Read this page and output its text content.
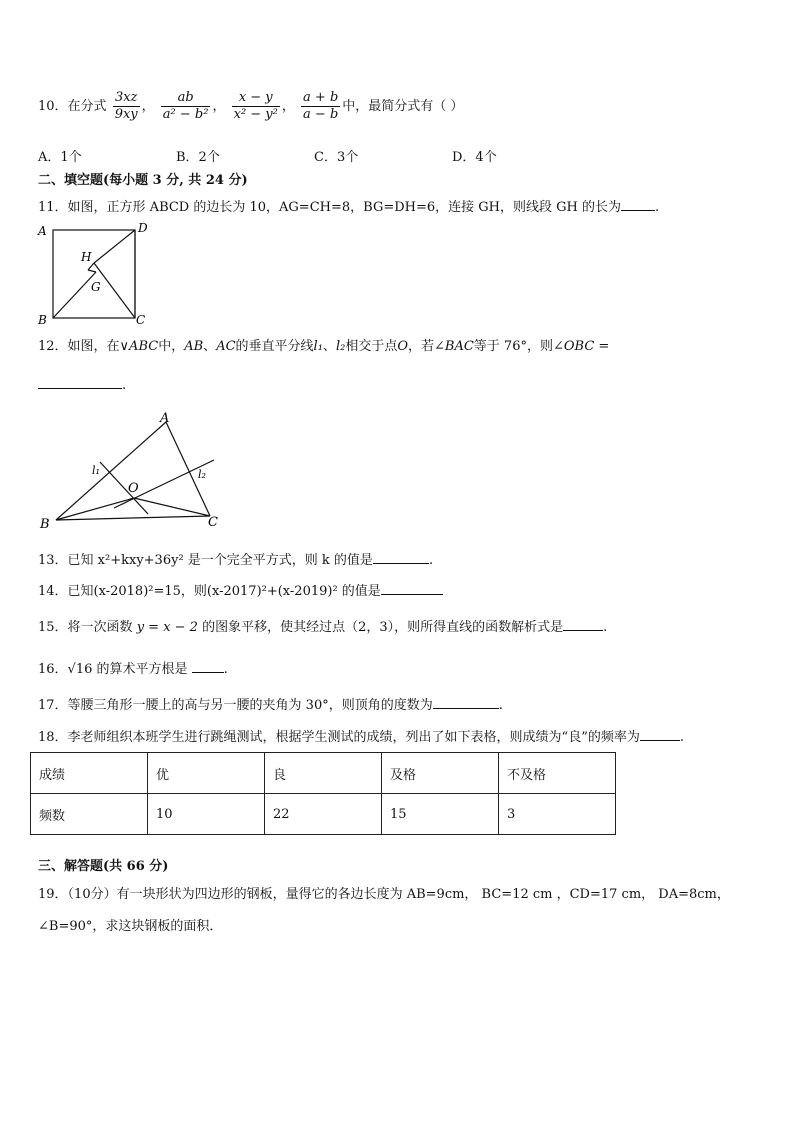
10．在分式 $\frac{3xz}{9xy}$ ， $\frac{ab}{\text{a² − b²}}$ ， $\frac{x - y}{\text{x² − y²}}$ ， $\frac{a + b}{a - b}$ 中，最简分式有（ ）
A．1个	B．2个	C．3个	D．4个
二、填空题(每小题 3 分, 共 24 分)
11．如图，正方形 ABCD 的边长为 10，AG=CH=8，BG=DH=6，连接 GH，则线段 GH 的长为	.
A	D
B	C
H
G
12．如图，在∨ABC中，AB、AC的垂直平分线l₁、l₂相交于点O，若∠BAC等于 76°，则∠OBC =
.
A
B	C
O
l₁	l₂
13．已知 x²+kxy+36y² 是一个完全平方式，则 k 的值是	.
14．已知(x-2018)²=15，则(x-2017)²+(x-2019)² 的值是
15．将一次函数 y = x − 2 的图象平移，使其经过点（2，3），则所得直线的函数解析式是	.
16．√16 的算术平方根是 .
17．等腰三角形一腰上的高与另一腰的夹角为 30°，则顶角的度数为	.
18．李老师组织本班学生进行跳绳测试，根据学生测试的成绩，列出了如下表格，则成绩为“良”的频率为	.
成绩	优	良	及格	不及格
频数	10	22	15	3
三、解答题(共 66 分)
19．（10分）有一块形状为四边形的钢板，量得它的各边长度为 AB=9cm， BC=12 cm ，CD=17 cm， DA=8cm，
∠B=90°，求这块钢板的面积．
